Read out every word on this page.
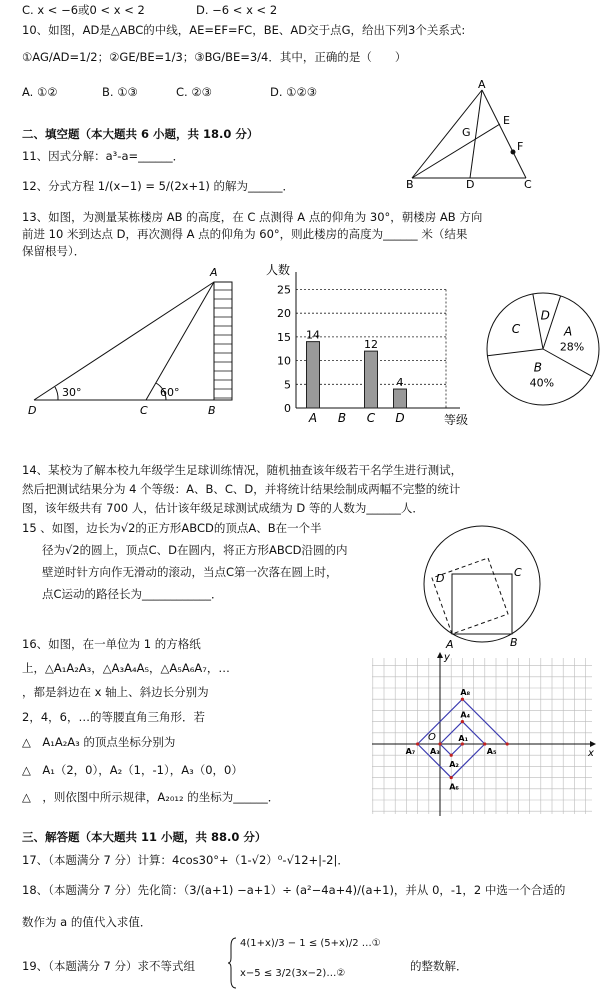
C. x < −6或0 < x < 2	D. −6 < x < 2
10、如图，AD是△ABC的中线，AE=EF=FC，BE、AD交于点G，给出下列3个关系式:
①AG/AD=1/2；②GE/BE=1/3；③BG/BE=3/4．其中，正确的是（　　）
A. ①②	B. ①③	C. ②③	D. ①②③
A
B	C
D
E
F
G
二、填空题（本大题共 6 小题，共 18.0 分）
11、因式分解：a³-a=______．
12、分式方程 1/(x−1) = 5/(2x+1) 的解为______．
13、如图，为测量某栋楼房 AB 的高度，在 C 点测得 A 点的仰角为 30°，朝楼房 AB 方向
前进 10 米到达点 D，再次测得 A 点的仰角为 60°，则此楼房的高度为______ 米（结果
保留根号）．
A
D	C	B
30°	60°
人数
等级
0
5
10
15
20
25
14
A B
12
C
4
D
A
28%
B
40%
C
D
14、某校为了解本校九年级学生足球训练情况，随机抽查该年级若干名学生进行测试，
然后把测试结果分为 4 个等级：A、B、C、D，并将统计结果绘制成两幅不完整的统计
图，该年级共有 700 人，估计该年级足球测试成绩为 D 等的人数为______人．
15 、如图，边长为√2的正方形ABCD的顶点A、B在一个半
径为√2的圆上，顶点C、D在圆内，将正方形ABCD沿圆的内
壁逆时针方向作无滑动的滚动，当点C第一次落在圆上时，
点C运动的路径长为____________．
A	B
C
D
16、如图，在一单位为 1 的方格纸
上，△A₁A₂A₃，△A₃A₄A₅，△A₅A₆A₇，…
，都是斜边在 x 轴上、斜边长分别为
2，4，6，…的等腰直角三角形．若
△　A₁A₂A₃ 的顶点坐标分别为
△　A₁（2，0），A₂（1，-1），A₃（0，0）
△　，则依图中所示规律，A₂₀₁₂ 的坐标为______．
A₁
A₂
A₃
A₄
A₅
A₆
A₇
A₈
O
y
x
三、解答题（本大题共 11 小题，共 88.0 分）
17、（本题满分 7 分）计算：4cos30°+（1-√2）⁰-√12+|-2|．
18、（本题满分 7 分）先化简：（3/(a+1) −a+1）÷ (a²−4a+4)/(a+1)，并从 0，-1，2 中选一个合适的
数作为 a 的值代入求值．
19、（本题满分 7 分）求不等式组
4(1+x)/3 − 1 ≤ (5+x)/2 …①
x−5 ≤ 3/2(3x−2)…②
的整数解．
